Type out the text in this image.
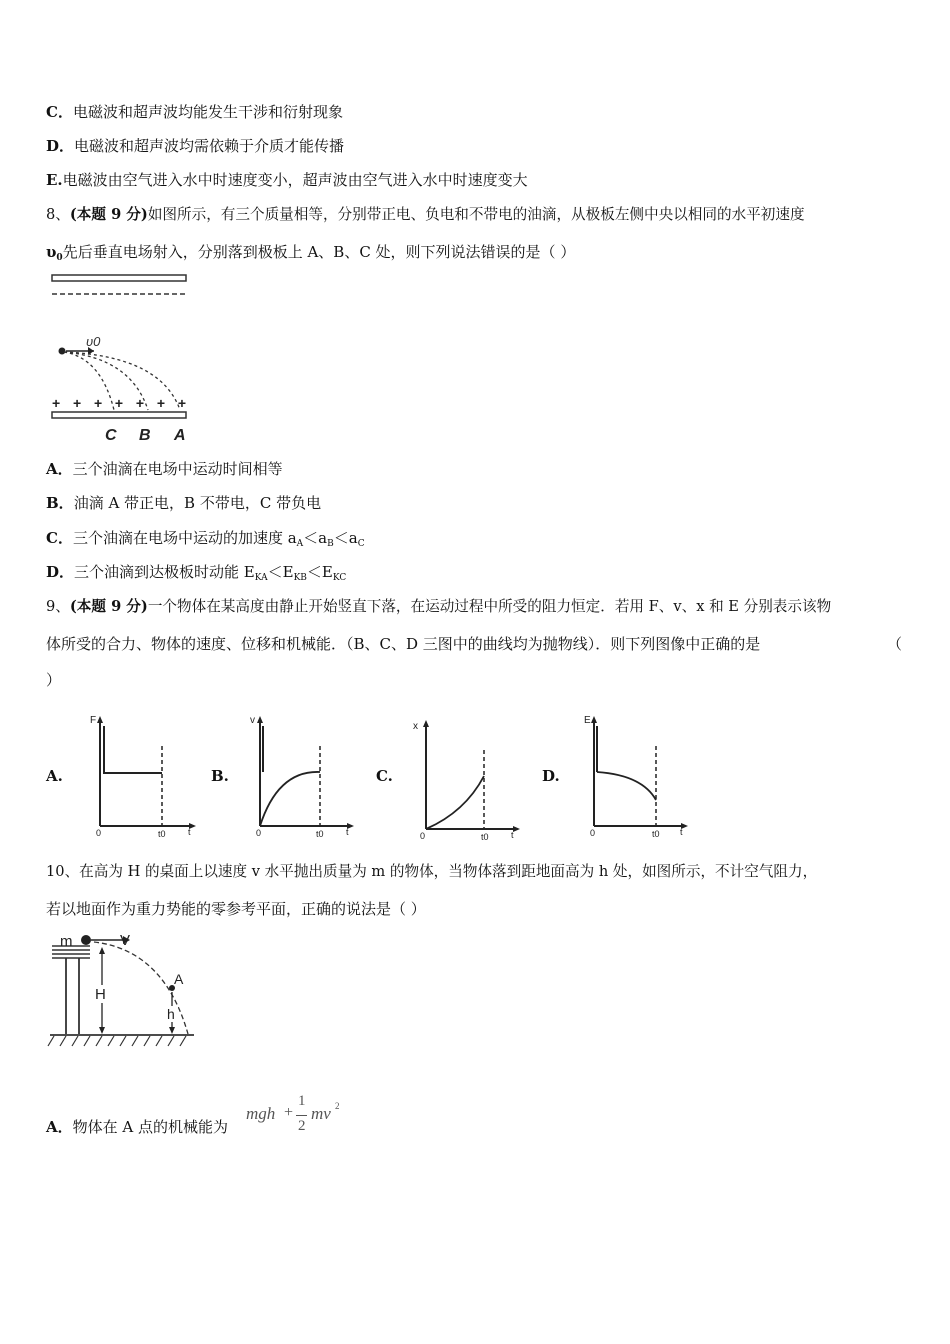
C．电磁波和超声波均能发生干涉和衍射现象
D．电磁波和超声波均需依赖于介质才能传播
E.电磁波由空气进入水中时速度变小，超声波由空气进入水中时速度变大
8、(本题 9 分)如图所示，有三个质量相等，分别带正电、负电和不带电的油滴，从极板左侧中央以相同的水平初速度
$\upsilon_0$先后垂直电场射入，分别落到极板上 A、B、C 处，则下列说法错误的是（ ）
υ0
+ + + + + + +
C B A
A．三个油滴在电场中运动时间相等
B．油滴 A 带正电，B 不带电，C 带负电
C．三个油滴在电场中运动的加速度 $a_A<a_B<a_C$
D．三个油滴到达极板时动能 $E_{KA}<E_{KB}<E_{KC}$
9、(本题 9 分)一个物体在某高度由静止开始竖直下落，在运动过程中所受的阻力恒定．若用 F、v、x 和 E 分别表示该物
体所受的合力、物体的速度、位移和机械能．（B、C、D 三图中的曲线均为抛物线）．则下列图像中正确的是	（
）
A.
F
0	t0 t
B.
v
0	t0 t
C.
x
0	t0 t
D.
E
0	t0 t
10、在高为 H 的桌面上以速度 v 水平抛出质量为 m 的物体，当物体落到距地面高为 h 处，如图所示，不计空气阻力，
若以地面作为重力势能的零参考平面，正确的说法是（ ）
m	V
H
A
h
A．物体在 A 点的机械能为
mgh +
1
2
mv 2
